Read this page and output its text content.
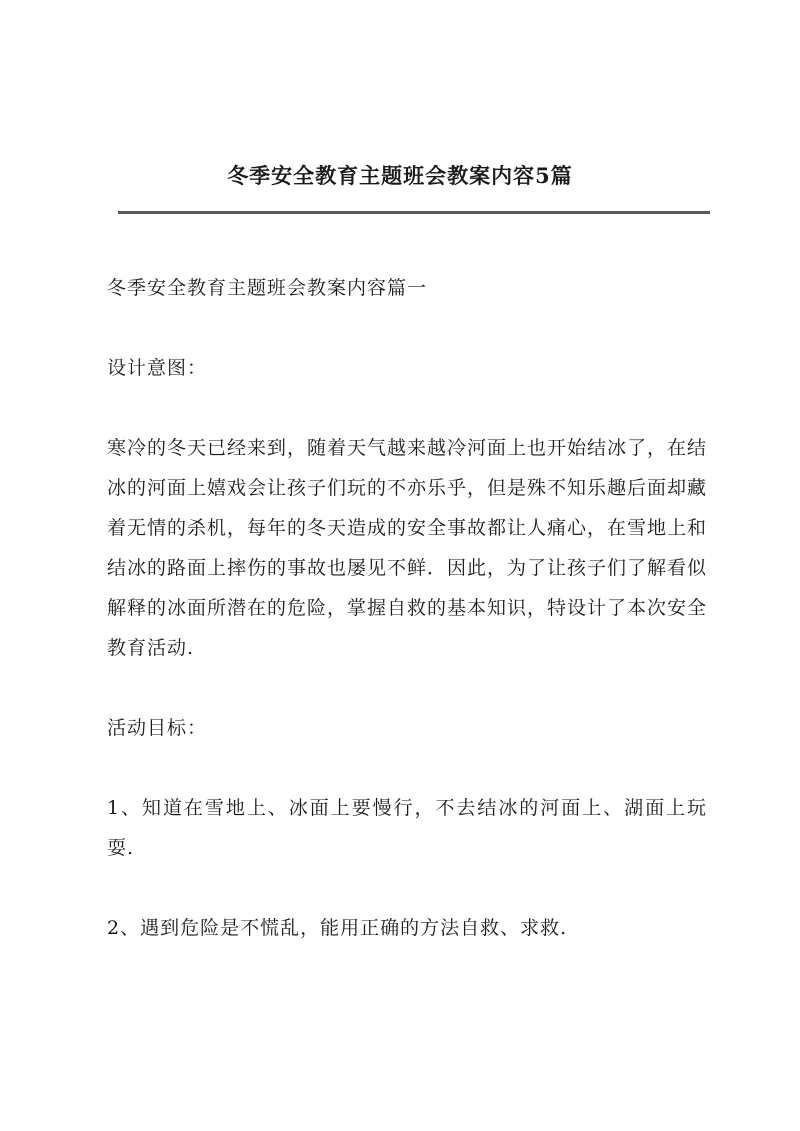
冬季安全教育主题班会教案内容5篇

冬季安全教育主题班会教案内容篇一

设计意图：

寒冷的冬天已经来到，随着天气越来越冷河面上也开始结冰了，在结冰的河面上嬉戏会让孩子们玩的不亦乐乎，但是殊不知乐趣后面却藏着无情的杀机，每年的冬天造成的安全事故都让人痛心，在雪地上和结冰的路面上摔伤的事故也屡见不鲜．因此，为了让孩子们了解看似解释的冰面所潜在的危险，掌握自救的基本知识，特设计了本次安全教育活动.

活动目标：

1、知道在雪地上、冰面上要慢行，不去结冰的河面上、湖面上玩耍.

2、遇到危险是不慌乱，能用正确的方法自救、求救.
